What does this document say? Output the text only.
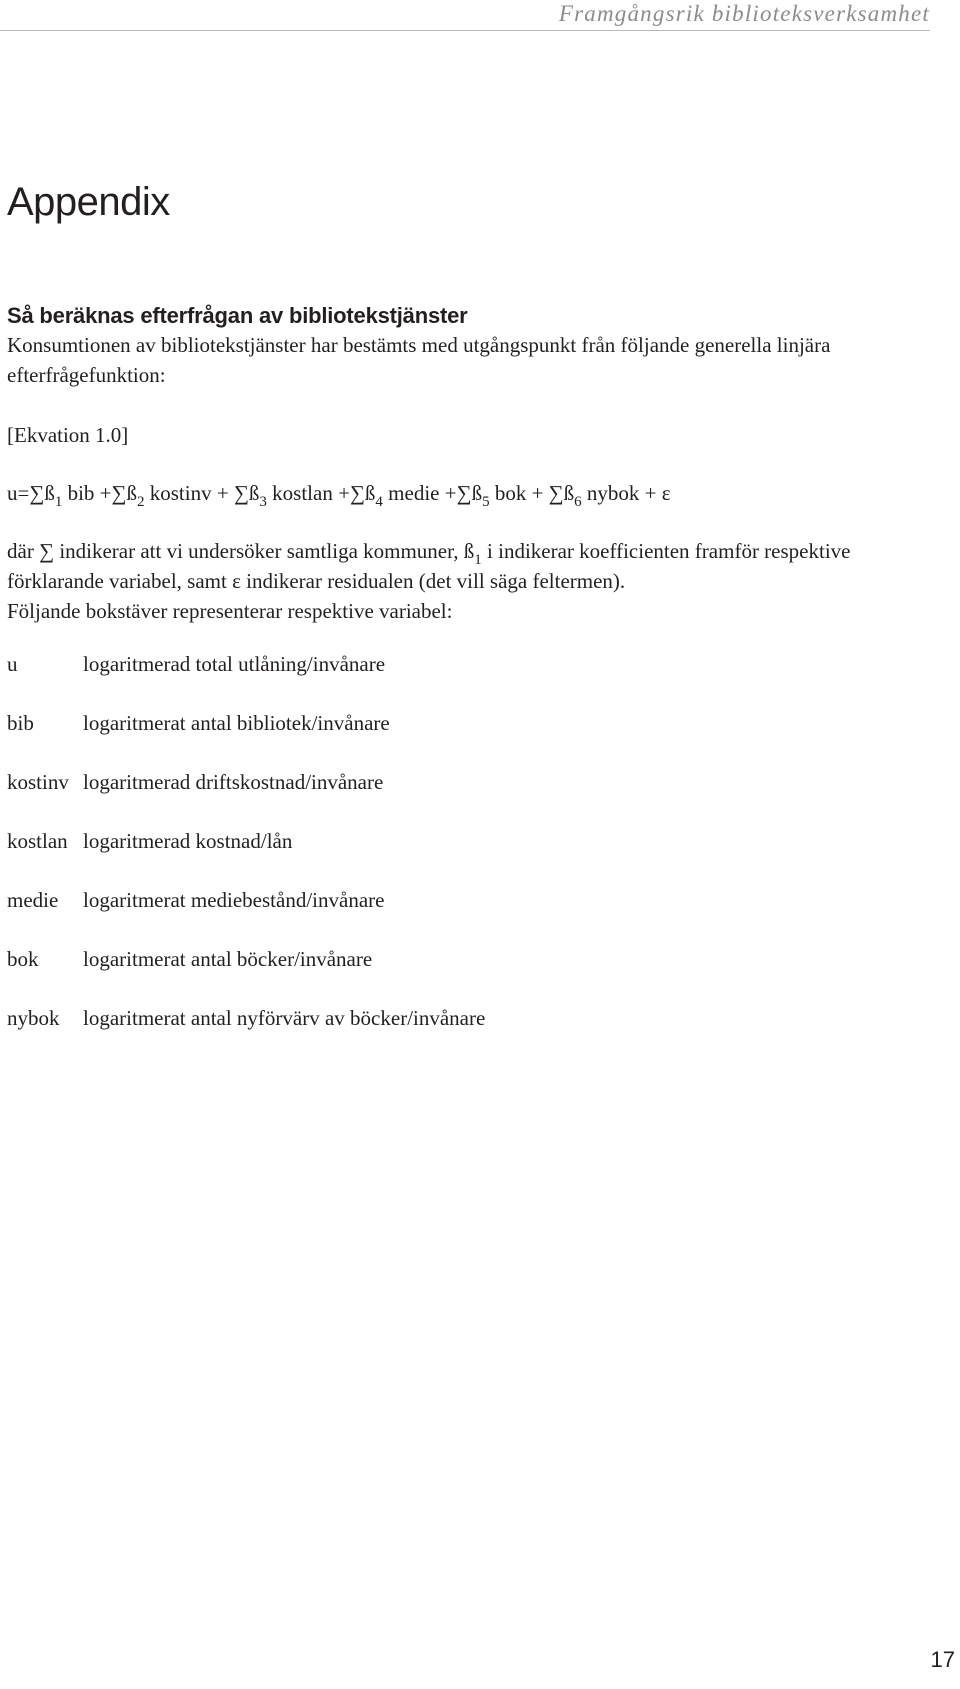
Framgångsrik biblioteksverksamhet
Appendix
Så beräknas efterfrågan av bibliotekstjänster

Konsumtionen av bibliotekstjänster har bestämts med utgångspunkt från följande generella linjära efterfrågefunktion:

[Ekvation 1.0]

$u=\sum ß_1$ bib $+\sum ß_2$ kostinv + $\sum ß_3$ kostlan $+\sum ß_4$ medie $+\sum ß_5$ bok + $\sum ß_6$ nybok + ε

där ∑ indikerar att vi undersöker samtliga kommuner, $ß_1$ i indikerar koefficienten framför respektive förklarande variabel, samt ε indikerar residualen (det vill säga feltermen).
Följande bokstäver representerar respektive variabel:

u	logaritmerad total utlåning/invånare
bib logaritmerat antal bibliotek/invånare
kostinv logaritmerad driftskostnad/invånare
kostlan logaritmerad kostnad/lån
medie logaritmerat mediebestånd/invånare
bok logaritmerat antal böcker/invånare
nybok logaritmerat antal nyförvärv av böcker/invånare
17
